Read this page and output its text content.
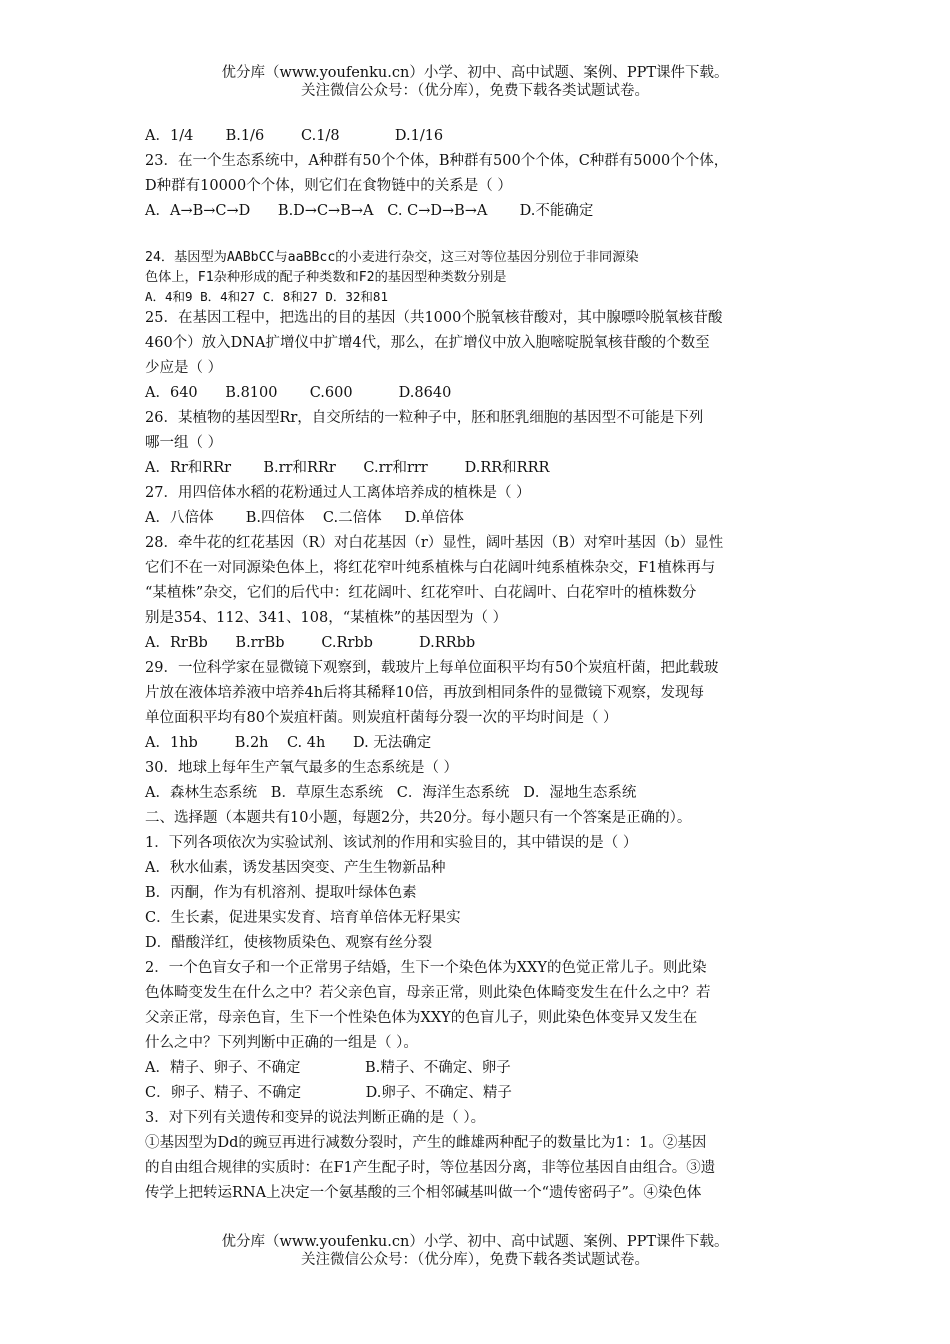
优分库（www.youfenku.cn）小学、初中、高中试题、案例、PPT课件下载。
关注微信公众号：（优分库），免费下载各类试题试卷。
A．1/4       B.1/6        C.1/8            D.1/16
23．在一个生态系统中，A种群有50个个体，B种群有500个个体，C种群有5000个个体，
D种群有10000个个体，则它们在食物链中的关系是（ ）
A．A→B→C→D      B.D→C→B→A   C. C→D→B→A       D.不能确定
24．基因型为AABbCC与aaBBcc的小麦进行杂交，这三对等位基因分别位于非同源染
色体上，F1杂种形成的配子种类数和F2的基因型种类数分别是
A．4和9 B．4和27 C．8和27 D．32和81
25．在基因工程中，把选出的目的基因（共1000个脱氧核苷酸对，其中腺嘌呤脱氧核苷酸
460个）放入DNA扩增仪中扩增4代，那么，在扩增仪中放入胞嘧啶脱氧核苷酸的个数至
少应是（ ）
A．640      B.8100       C.600          D.8640
26．某植物的基因型Rr，自交所结的一粒种子中，胚和胚乳细胞的基因型不可能是下列
哪一组（ ）
A．Rr和RRr       B.rr和RRr      C.rr和rrr        D.RR和RRR
27．用四倍体水稻的花粉通过人工离体培养成的植株是（ ）
A．八倍体       B.四倍体    C.二倍体     D.单倍体
28．牵牛花的红花基因（R）对白花基因（r）显性，阔叶基因（B）对窄叶基因（b）显性
它们不在一对同源染色体上，将红花窄叶纯系植株与白花阔叶纯系植株杂交，F1植株再与
“某植株”杂交，它们的后代中：红花阔叶、红花窄叶、白花阔叶、白花窄叶的植株数分
别是354、112、341、108，“某植株”的基因型为（ ）
A．RrBb      B.rrBb        C.Rrbb          D.RRbb
29．一位科学家在显微镜下观察到，载玻片上每单位面积平均有50个炭疽杆菌，把此载玻
片放在液体培养液中培养4h后将其稀释10倍，再放到相同条件的显微镜下观察，发现每
单位面积平均有80个炭疽杆菌。则炭疽杆菌每分裂一次的平均时间是（ ）
A．1hb        B.2h    C. 4h      D. 无法确定
30．地球上每年生产氧气最多的生态系统是（ ）
A．森林生态系统   B．草原生态系统   C．海洋生态系统   D．湿地生态系统
二、选择题（本题共有10小题，每题2分，共20分。每小题只有一个答案是正确的）。
1．下列各项依次为实验试剂、该试剂的作用和实验目的，其中错误的是（ ）
A．秋水仙素，诱发基因突变、产生生物新品种
B．丙酮，作为有机溶剂、提取叶绿体色素
C．生长素，促进果实发育、培育单倍体无籽果实
D．醋酸洋红，使核物质染色、观察有丝分裂
2．一个色盲女子和一个正常男子结婚，生下一个染色体为XXY的色觉正常儿子。则此染
色体畸变发生在什么之中？若父亲色盲，母亲正常，则此染色体畸变发生在什么之中？若
父亲正常，母亲色盲，生下一个性染色体为XXY的色盲儿子，则此染色体变异又发生在
什么之中？下列判断中正确的一组是（ ）。
A．精子、卵子、不确定              B.精子、不确定、卵子
C．卵子、精子、不确定              D.卵子、不确定、精子
3．对下列有关遗传和变异的说法判断正确的是（ ）。
①基因型为Dd的豌豆再进行减数分裂时，产生的雌雄两种配子的数量比为1：1。②基因
的自由组合规律的实质时：在F1产生配子时，等位基因分离，非等位基因自由组合。③遗
传学上把转运RNA上决定一个氨基酸的三个相邻碱基叫做一个“遗传密码子”。④染色体
优分库（www.youfenku.cn）小学、初中、高中试题、案例、PPT课件下载。
关注微信公众号：（优分库），免费下载各类试题试卷。
